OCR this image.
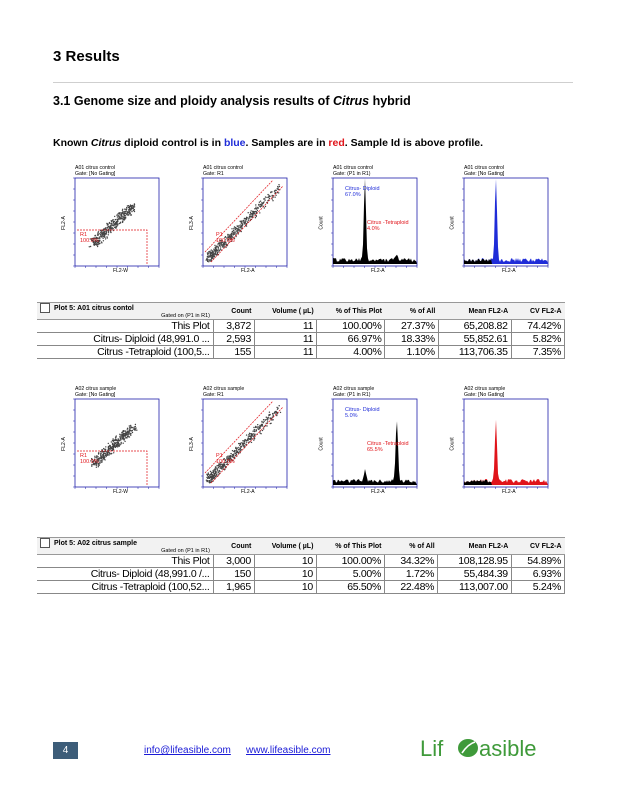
3 Results
3.1 Genome size and ploidy analysis results of Citrus hybrid
Known Citrus diploid control is in blue. Samples are in red. Sample Id is above profile.
A01 citrus control
Gate: [No Gating]
R1
100.0%
FL2-W
FL2-A
A01 citrus control
Gate: R1
P1
100.0%
FL2-A
FL3-A
A01 citrus control
Gate: (P1 in R1)
Citrus- Diploid
67.0%
Citrus -Tetraploid
4.0%
FL2-A
Count
A01 citrus control
Gate: [No Gating]
FL2-A
Count
Plot 5: A01 citrus contol
Gated on (P1 in R1)	Count	Volume ( µL)	% of This Plot	% of All	Mean FL2-A	CV FL2-A
This Plot	3,872	11	100.00%	27.37%	65,208.82	74.42%
Citrus- Diploid (48,991.0 ...	2,593	11	66.97%	18.33%	55,852.61	5.82%
Citrus -Tetraploid (100,5...	155	11	4.00%	1.10%	113,706.35	7.35%
A02 citrus sample
Gate: [No Gating]
R1
100.0%
FL2-W
FL2-A
A02 citrus sample
Gate: R1
P1
100.0%
FL2-A
FL3-A
A02 citrus sample
Gate: (P1 in R1)
Citrus- Diploid
5.0%
Citrus -Tetraploid
65.5%
FL2-A
Count
A02 citrus sample
Gate: [No Gating]
FL2-A
Count
Plot 5: A02 citrus sample
Gated on (P1 in R1)	Count	Volume ( µL)	% of This Plot	% of All	Mean FL2-A	CV FL2-A
This Plot	3,000	10	100.00%	34.32%	108,128.95	54.89%
Citrus- Diploid (48,991.0 /...	150	10	5.00%	1.72%	55,484.39	6.93%
Citrus -Tetraploid (100,52...	1,965	10	65.50%	22.48%	113,007.00	5.24%
4	info@lifeasible.com www.lifeasible.com	Lif asible
